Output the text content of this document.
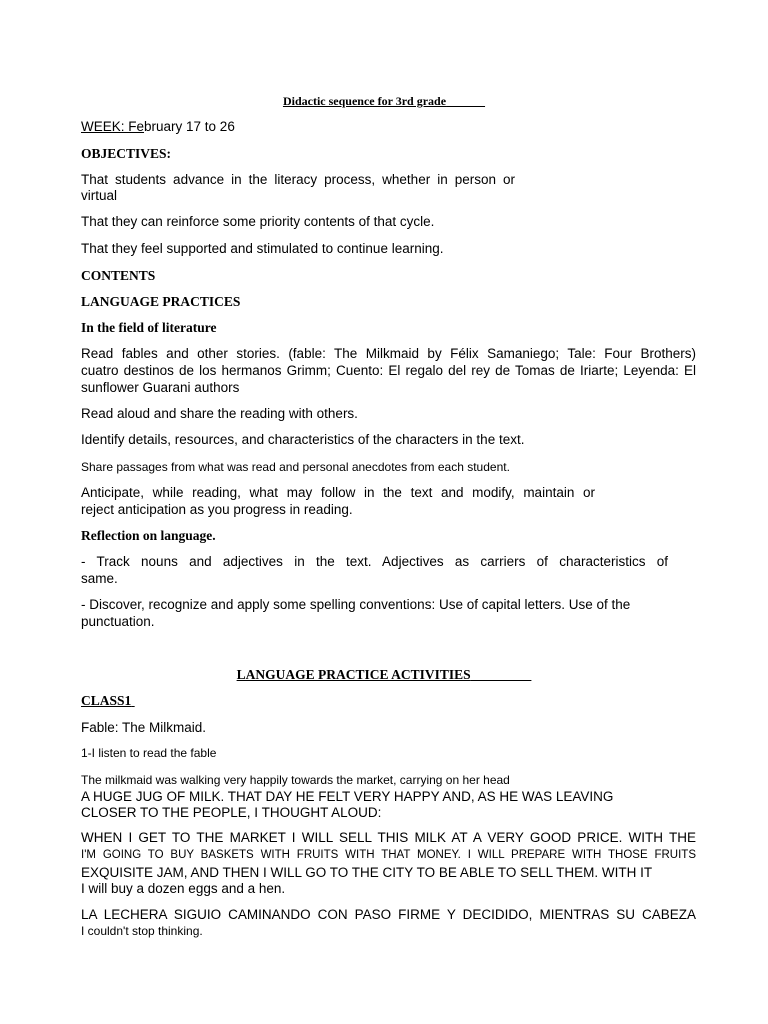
Didactic sequence for 3rd grade

WEEK: February 17 to 26

OBJECTIVES:

That students advance in the literacy process, whether in person or

virtual

That they can reinforce some priority contents of that cycle.

That they feel supported and stimulated to continue learning.

CONTENTS

LANGUAGE PRACTICES

In the field of literature

Read fables and other stories. (fable: The Milkmaid by Félix Samaniego; Tale: Four Brothers)

cuatro destinos de los hermanos Grimm; Cuento: El regalo del rey de Tomas de Iriarte; Leyenda: El

sunflower Guarani authors

Read aloud and share the reading with others.

Identify details, resources, and characteristics of the characters in the text.

Share passages from what was read and personal anecdotes from each student.

Anticipate, while reading, what may follow in the text and modify, maintain or

reject anticipation as you progress in reading.

Reflection on language.

- Track nouns and adjectives in the text. Adjectives as carriers of characteristics of

same.

- Discover, recognize and apply some spelling conventions: Use of capital letters. Use of the

punctuation.

LANGUAGE PRACTICE ACTIVITIES

CLASS1

Fable: The Milkmaid.

1-I listen to read the fable

The milkmaid was walking very happily towards the market, carrying on her head

A HUGE JUG OF MILK. THAT DAY HE FELT VERY HAPPY AND, AS HE WAS LEAVING

CLOSER TO THE PEOPLE, I THOUGHT ALOUD:

WHEN I GET TO THE MARKET I WILL SELL THIS MILK AT A VERY GOOD PRICE. WITH THE

I'M GOING TO BUY BASKETS WITH FRUITS WITH THAT MONEY. I WILL PREPARE WITH THOSE FRUITS

EXQUISITE JAM, AND THEN I WILL GO TO THE CITY TO BE ABLE TO SELL THEM. WITH IT

I will buy a dozen eggs and a hen.

LA LECHERA SIGUIO CAMINANDO CON PASO FIRME Y DECIDIDO, MIENTRAS SU CABEZA

I couldn't stop thinking.
